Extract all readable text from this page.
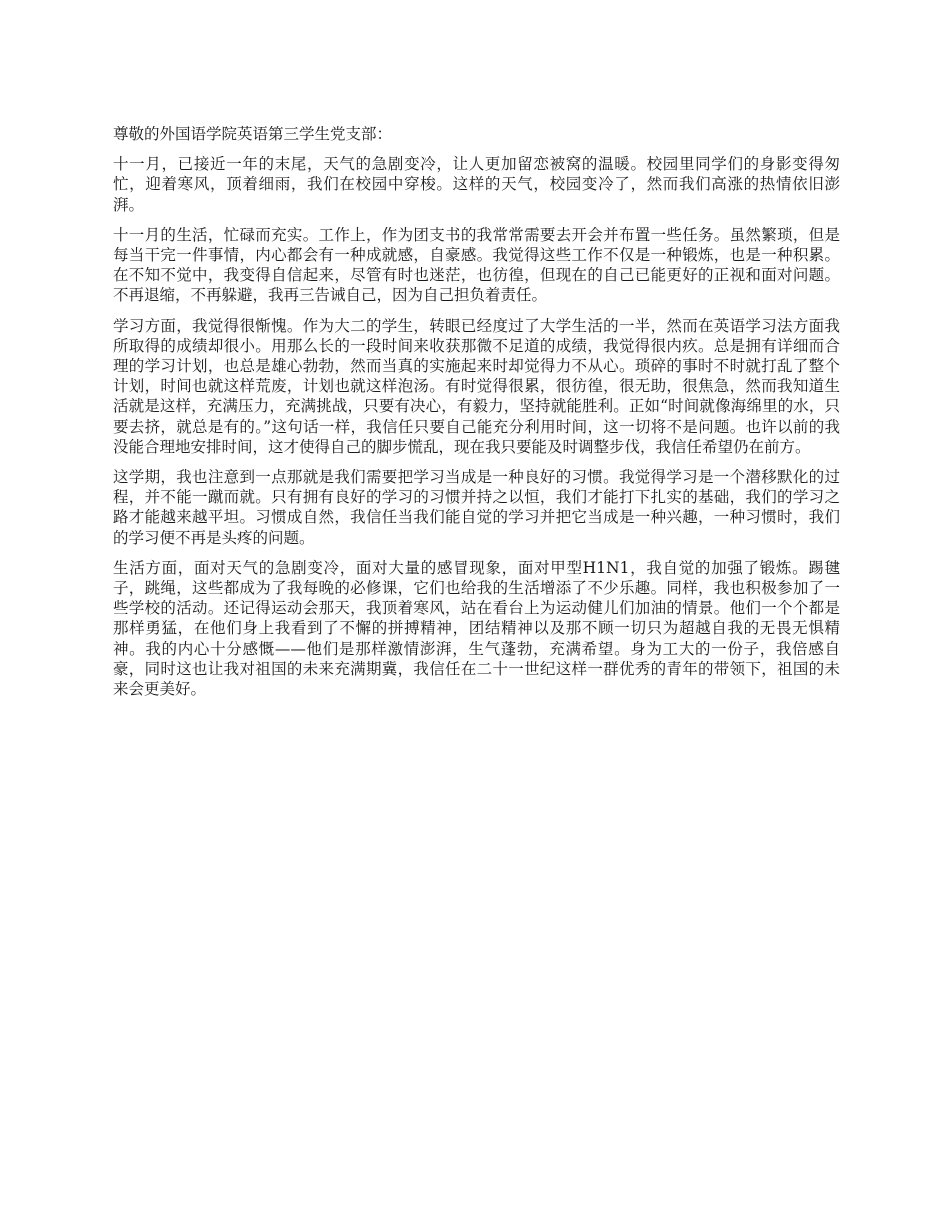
尊敬的外国语学院英语第三学生党支部：

十一月，已接近一年的末尾，天气的急剧变冷，让人更加留恋被窝的温暖。校园里同学们的身影变得匆忙，迎着寒风，顶着细雨，我们在校园中穿梭。这样的天气，校园变冷了，然而我们高涨的热情依旧澎湃。

十一月的生活，忙碌而充实。工作上，作为团支书的我常常需要去开会并布置一些任务。虽然繁琐，但是每当干完一件事情，内心都会有一种成就感，自豪感。我觉得这些工作不仅是一种锻炼，也是一种积累。在不知不觉中，我变得自信起来，尽管有时也迷茫，也彷徨，但现在的自己已能更好的正视和面对问题。不再退缩，不再躲避，我再三告诫自己，因为自己担负着责任。

学习方面，我觉得很惭愧。作为大二的学生，转眼已经度过了大学生活的一半，然而在英语学习法方面我所取得的成绩却很小。用那么长的一段时间来收获那微不足道的成绩，我觉得很内疚。总是拥有详细而合理的学习计划，也总是雄心勃勃，然而当真的实施起来时却觉得力不从心。琐碎的事时不时就打乱了整个计划，时间也就这样荒废，计划也就这样泡汤。有时觉得很累，很彷徨，很无助，很焦急，然而我知道生活就是这样，充满压力，充满挑战，只要有决心，有毅力，坚持就能胜利。正如“时间就像海绵里的水，只要去挤，就总是有的。”这句话一样，我信任只要自己能充分利用时间，这一切将不是问题。也许以前的我没能合理地安排时间，这才使得自己的脚步慌乱，现在我只要能及时调整步伐，我信任希望仍在前方。

这学期，我也注意到一点那就是我们需要把学习当成是一种良好的习惯。我觉得学习是一个潜移默化的过程，并不能一蹴而就。只有拥有良好的学习的习惯并持之以恒，我们才能打下扎实的基础，我们的学习之路才能越来越平坦。习惯成自然，我信任当我们能自觉的学习并把它当成是一种兴趣，一种习惯时，我们的学习便不再是头疼的问题。

生活方面，面对天气的急剧变冷，面对大量的感冒现象，面对甲型H1N1，我自觉的加强了锻炼。踢毽子，跳绳，这些都成为了我每晚的必修课，它们也给我的生活增添了不少乐趣。同样，我也积极参加了一些学校的活动。还记得运动会那天，我顶着寒风，站在看台上为运动健儿们加油的情景。他们一个个都是那样勇猛，在他们身上我看到了不懈的拼搏精神，团结精神以及那不顾一切只为超越自我的无畏无惧精神。我的内心十分感慨——他们是那样激情澎湃，生气蓬勃，充满希望。身为工大的一份子，我倍感自豪，同时这也让我对祖国的未来充满期冀，我信任在二十一世纪这样一群优秀的青年的带领下，祖国的未来会更美好。
